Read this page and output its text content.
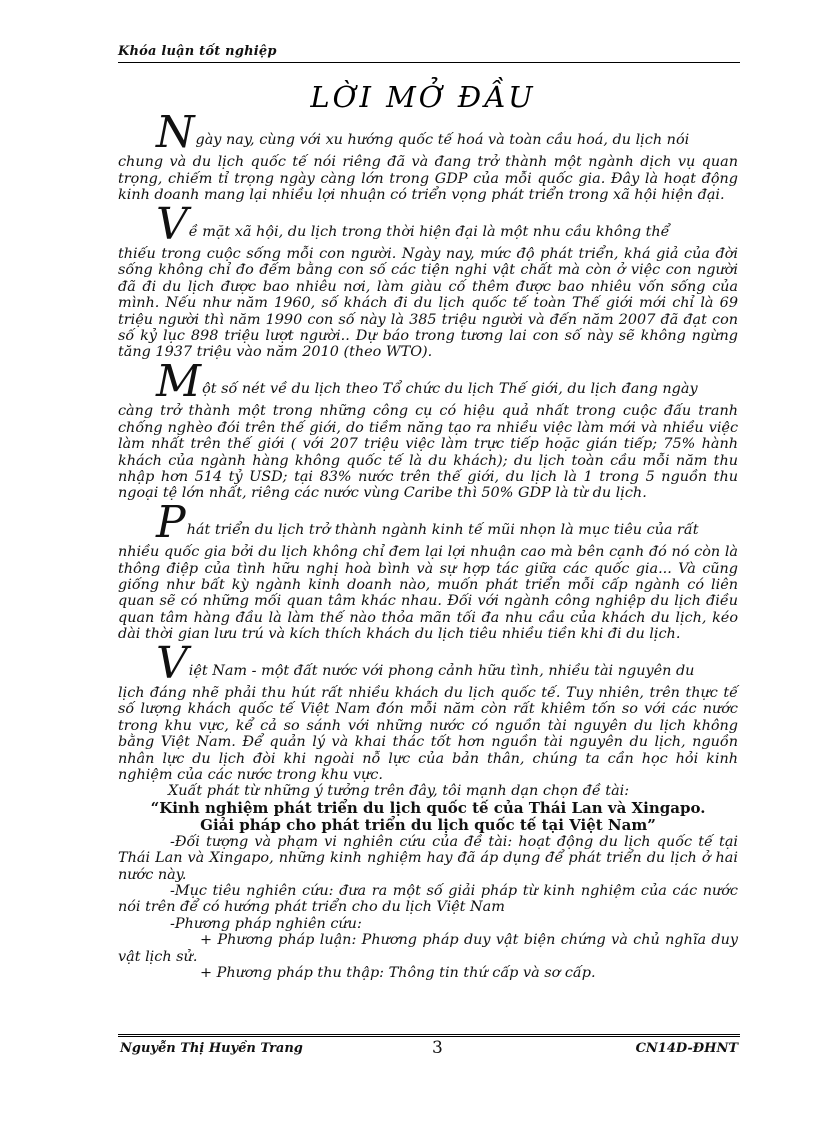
Khóa luận tốt nghiệp
LỜI MỞ ĐẦU

Ngày nay, cùng với xu hướng quốc tế hoá và toàn cầu hoá, du lịch nói
chung và du lịch quốc tế nói riêng đã và đang trở thành một ngành dịch vụ quan trọng, chiếm tỉ trọng ngày càng lớn trong GDP của mỗi quốc gia. Đây là hoạt động kinh doanh mang lại nhiều lợi nhuận có triển vọng phát triển trong xã hội hiện đại.

Về mặt xã hội, du lịch trong thời hiện đại là một nhu cầu không thể
thiếu trong cuộc sống mỗi con người. Ngày nay, mức độ phát triển, khá giả của đời sống không chỉ đo đếm bằng con số các tiện nghi vật chất mà còn ở việc con người đã đi du lịch được bao nhiêu nơi, làm giàu cố thêm được bao nhiêu vốn sống của mình. Nếu như năm 1960, số khách đi du lịch quốc tế toàn Thế giới mới chỉ là 69 triệu người thì năm 1990 con số này là 385 triệu người và đến năm 2007 đã đạt con số kỷ lục 898 triệu lượt người.. Dự báo trong tương lai con số này sẽ không ngừng tăng 1937 triệu vào năm 2010 (theo WTO).

Một số nét về du lịch theo Tổ chức du lịch Thế giới, du lịch đang ngày
càng trở thành một trong những công cụ có hiệu quả nhất trong cuộc đấu tranh chống nghèo đói trên thế giới, do tiềm năng tạo ra nhiều việc làm mới và nhiều việc làm nhất trên thế giới ( với 207 triệu việc làm trực tiếp hoặc gián tiếp; 75% hành khách của ngành hàng không quốc tế là du khách); du lịch toàn cầu mỗi năm thu nhập hơn 514 tỷ USD; tại 83% nước trên thế giới, du lịch là 1 trong 5 nguồn thu ngoại tệ lớn nhất, riêng các nước vùng Caribe thì 50% GDP là từ du lịch.

Phát triển du lịch trở thành ngành kinh tế mũi nhọn là mục tiêu của rất
nhiều quốc gia bởi du lịch không chỉ đem lại lợi nhuận cao mà bên cạnh đó nó còn là thông điệp của tình hữu nghị hoà bình và sự hợp tác giữa các quốc gia... Và cũng giống như bất kỳ ngành kinh doanh nào, muốn phát triển mỗi cấp ngành có liên quan sẽ có những mối quan tâm khác nhau. Đối với ngành công nghiệp du lịch điều quan tâm hàng đầu là làm thế nào thỏa mãn tối đa nhu cầu của khách du lịch, kéo dài thời gian lưu trú và kích thích khách du lịch tiêu nhiều tiền khi đi du lịch.

Việt Nam - một đất nước với phong cảnh hữu tình, nhiều tài nguyên du
lịch đáng nhẽ phải thu hút rất nhiều khách du lịch quốc tế. Tuy nhiên, trên thực tế số lượng khách quốc tế Việt Nam đón mỗi năm còn rất khiêm tốn so với các nước trong khu vực, kể cả so sánh với những nước có nguồn tài nguyên du lịch không bằng Việt Nam. Để quản lý và khai thác tốt hơn nguồn tài nguyên du lịch, nguồn nhân lực du lịch đòi khi ngoài nỗ lực của bản thân, chúng ta cần học hỏi kinh nghiệm của các nước trong khu vực.

Xuất phát từ những ý tưởng trên đây, tôi mạnh dạn chọn đề tài:

“Kinh nghiệm phát triển du lịch quốc tế của Thái Lan và Xingapo.

Giải pháp cho phát triển du lịch quốc tế tại Việt Nam”

-Đối tượng và phạm vi nghiên cứu của đề tài: hoạt động du lịch quốc tế tại Thái Lan và Xingapo, những kinh nghiệm hay đã áp dụng để phát triển du lịch ở hai nước này.

-Mục tiêu nghiên cứu: đưa ra một số giải pháp từ kinh nghiệm của các nước nói trên để có hướng phát triển cho du lịch Việt Nam

-Phương pháp nghiên cứu:

+ Phương pháp luận: Phương pháp duy vật biện chứng và chủ nghĩa duy vật lịch sử.

+ Phương pháp thu thập: Thông tin thứ cấp và sơ cấp.

Nguyễn Thị Huyền Trang	3	CN14D-ĐHNT
